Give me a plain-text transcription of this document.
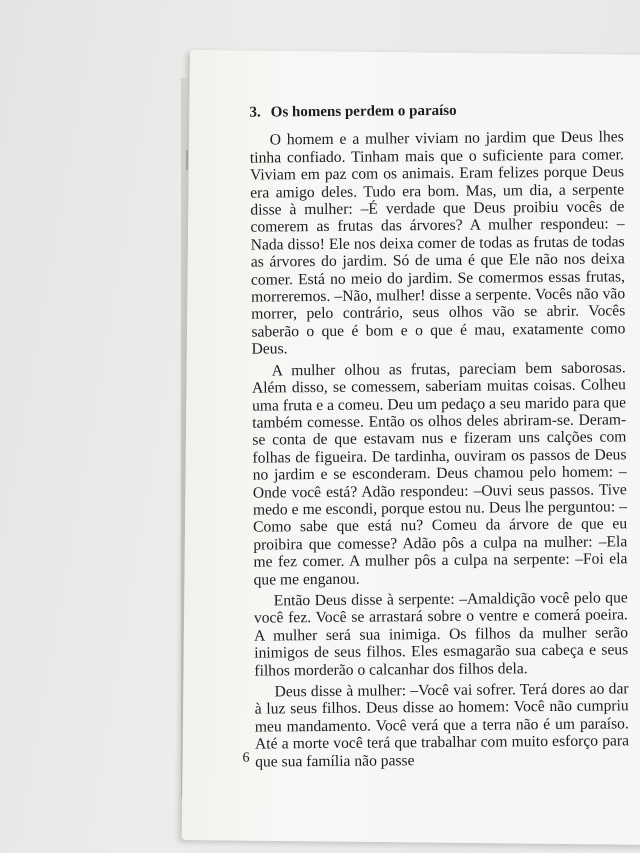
3. Os homens perdem o paraíso

O homem e a mulher viviam no jardim que Deus lhes tinha confiado. Tinham mais que o suficiente para comer. Viviam em paz com os animais. Eram felizes porque Deus era amigo deles. Tudo era bom. Mas, um dia, a serpente disse à mulher: –É verdade que Deus proibiu vocês de comerem as frutas das árvores? A mulher respondeu: –Nada disso! Ele nos deixa comer de todas as frutas de todas as árvores do jardim. Só de uma é que Ele não nos deixa comer. Está no meio do jardim. Se comermos essas frutas, morreremos. –Não, mulher! disse a serpente. Vocês não vão morrer, pelo contrário, seus olhos vão se abrir. Vocês saberão o que é bom e o que é mau, exatamente como Deus.

A mulher olhou as frutas, pareciam bem saborosas. Além disso, se comessem, saberiam muitas coisas. Colheu uma fruta e a comeu. Deu um pedaço a seu marido para que também comesse. Então os olhos deles abriram-se. Deram-se conta de que estavam nus e fizeram uns calções com folhas de figueira. De tardinha, ouviram os passos de Deus no jardim e se esconderam. Deus chamou pelo homem: –Onde você está? Adão respondeu: –Ouvi seus passos. Tive medo e me escondi, porque estou nu. Deus lhe perguntou: –Como sabe que está nu? Comeu da árvore de que eu proibira que comesse? Adão pôs a culpa na mulher: –Ela me fez comer. A mulher pôs a culpa na serpente: –Foi ela que me enganou.

Então Deus disse à serpente: –Amaldição você pelo que você fez. Você se arrastará sobre o ventre e comerá poeira. A mulher será sua inimiga. Os filhos da mulher serão inimigos de seus filhos. Eles esmagarão sua cabeça e seus filhos morderão o calcanhar dos filhos dela.

Deus disse à mulher: –Você vai sofrer. Terá dores ao dar à luz seus filhos. Deus disse ao homem: Você não cumpriu meu mandamento. Você verá que a terra não é um paraíso. Até a morte você terá que trabalhar com muito esforço para que sua família não passe

6
